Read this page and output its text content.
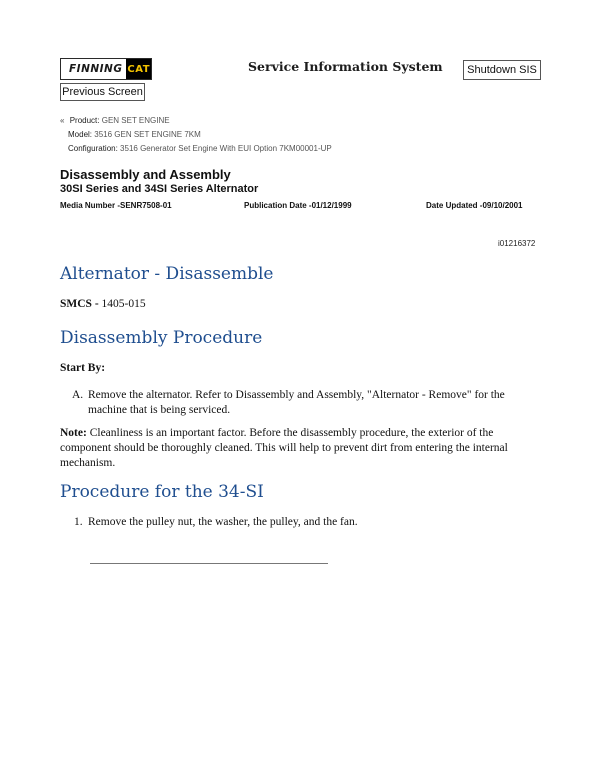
FINNING CAT	Service Information System	Shutdown SIS
Previous Screen
« Product: GEN SET ENGINE
Model: 3516 GEN SET ENGINE 7KM
Configuration: 3516 Generator Set Engine With EUI Option 7KM00001-UP
Disassembly and Assembly
30SI Series and 34SI Series Alternator
Media Number -SENR7508-01	Publication Date -01/12/1999	Date Updated -09/10/2001
i01216372
Alternator - Disassemble
SMCS - 1405-015
Disassembly Procedure
Start By:
A. Remove the alternator. Refer to Disassembly and Assembly, "Alternator - Remove" for the machine that is being serviced.
Note: Cleanliness is an important factor. Before the disassembly procedure, the exterior of the component should be thoroughly cleaned. This will help to prevent dirt from entering the internal mechanism.
Procedure for the 34-SI
1. Remove the pulley nut, the washer, the pulley, and the fan.
